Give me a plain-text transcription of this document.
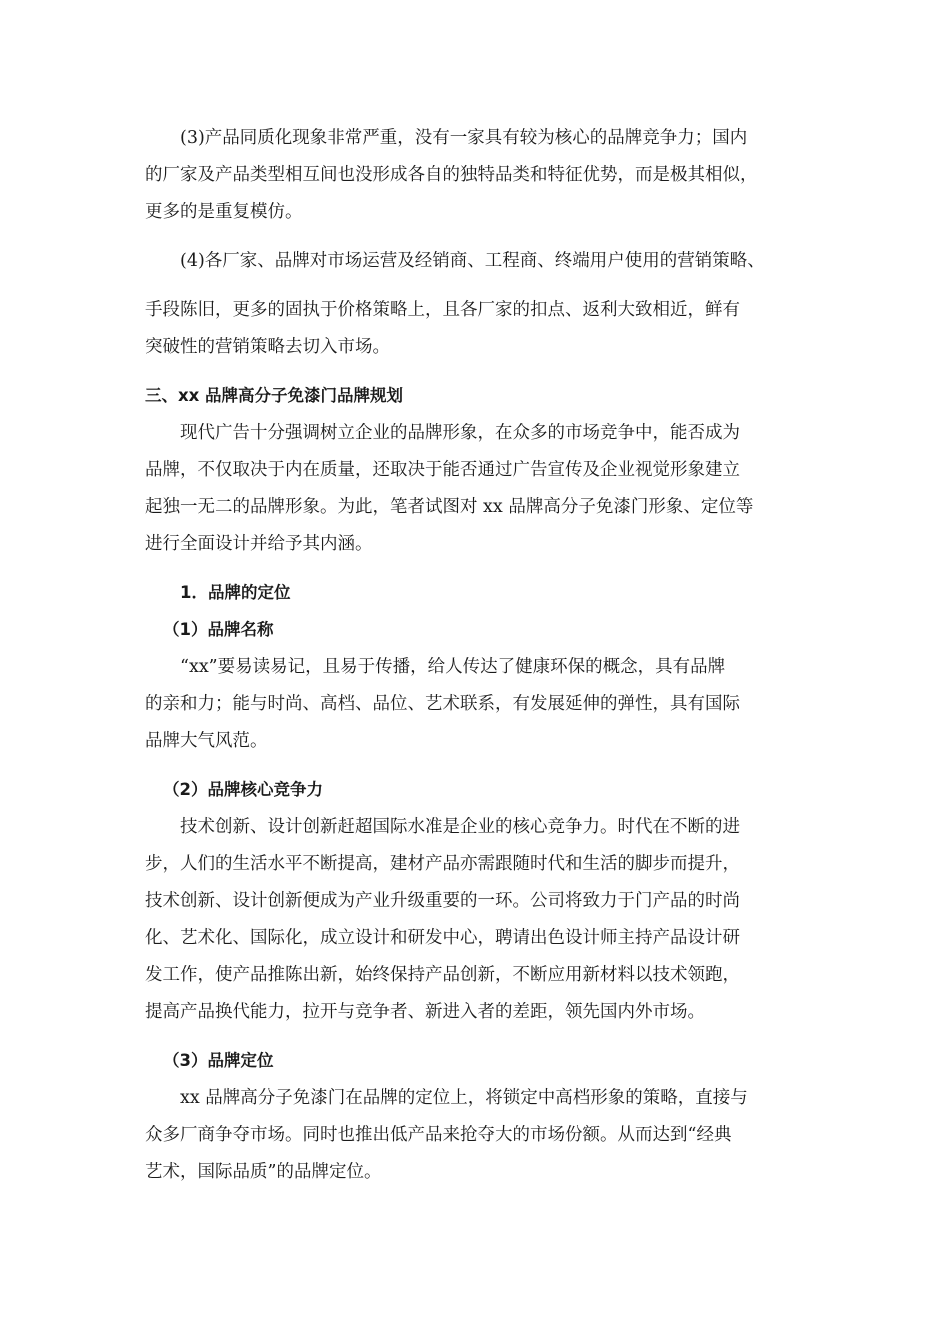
(3)产品同质化现象非常严重，没有一家具有较为核心的品牌竞争力；国内
的厂家及产品类型相互间也没形成各自的独特品类和特征优势，而是极其相似，
更多的是重复模仿。
(4)各厂家、品牌对市场运营及经销商、工程商、终端用户使用的营销策略、
手段陈旧，更多的固执于价格策略上，且各厂家的扣点、返利大致相近，鲜有
突破性的营销策略去切入市场。
三、xx 品牌高分子免漆门品牌规划
现代广告十分强调树立企业的品牌形象，在众多的市场竞争中，能否成为
品牌，不仅取决于内在质量，还取决于能否通过广告宣传及企业视觉形象建立
起独一无二的品牌形象。为此，笔者试图对 xx 品牌高分子免漆门形象、定位等
进行全面设计并给予其内涵。
1．品牌的定位
（1）品牌名称
“xx”要易读易记，且易于传播，给人传达了健康环保的概念，具有品牌
的亲和力；能与时尚、高档、品位、艺术联系，有发展延伸的弹性，具有国际
品牌大气风范。
（2）品牌核心竞争力
技术创新、设计创新赶超国际水准是企业的核心竞争力。时代在不断的进
步，人们的生活水平不断提高，建材产品亦需跟随时代和生活的脚步而提升，
技术创新、设计创新便成为产业升级重要的一环。公司将致力于门产品的时尚
化、艺术化、国际化，成立设计和研发中心，聘请出色设计师主持产品设计研
发工作，使产品推陈出新，始终保持产品创新，不断应用新材料以技术领跑，
提高产品换代能力，拉开与竞争者、新进入者的差距，领先国内外市场。
（3）品牌定位
xx 品牌高分子免漆门在品牌的定位上，将锁定中高档形象的策略，直接与
众多厂商争夺市场。同时也推出低产品来抢夺大的市场份额。从而达到“经典
艺术，国际品质”的品牌定位。
